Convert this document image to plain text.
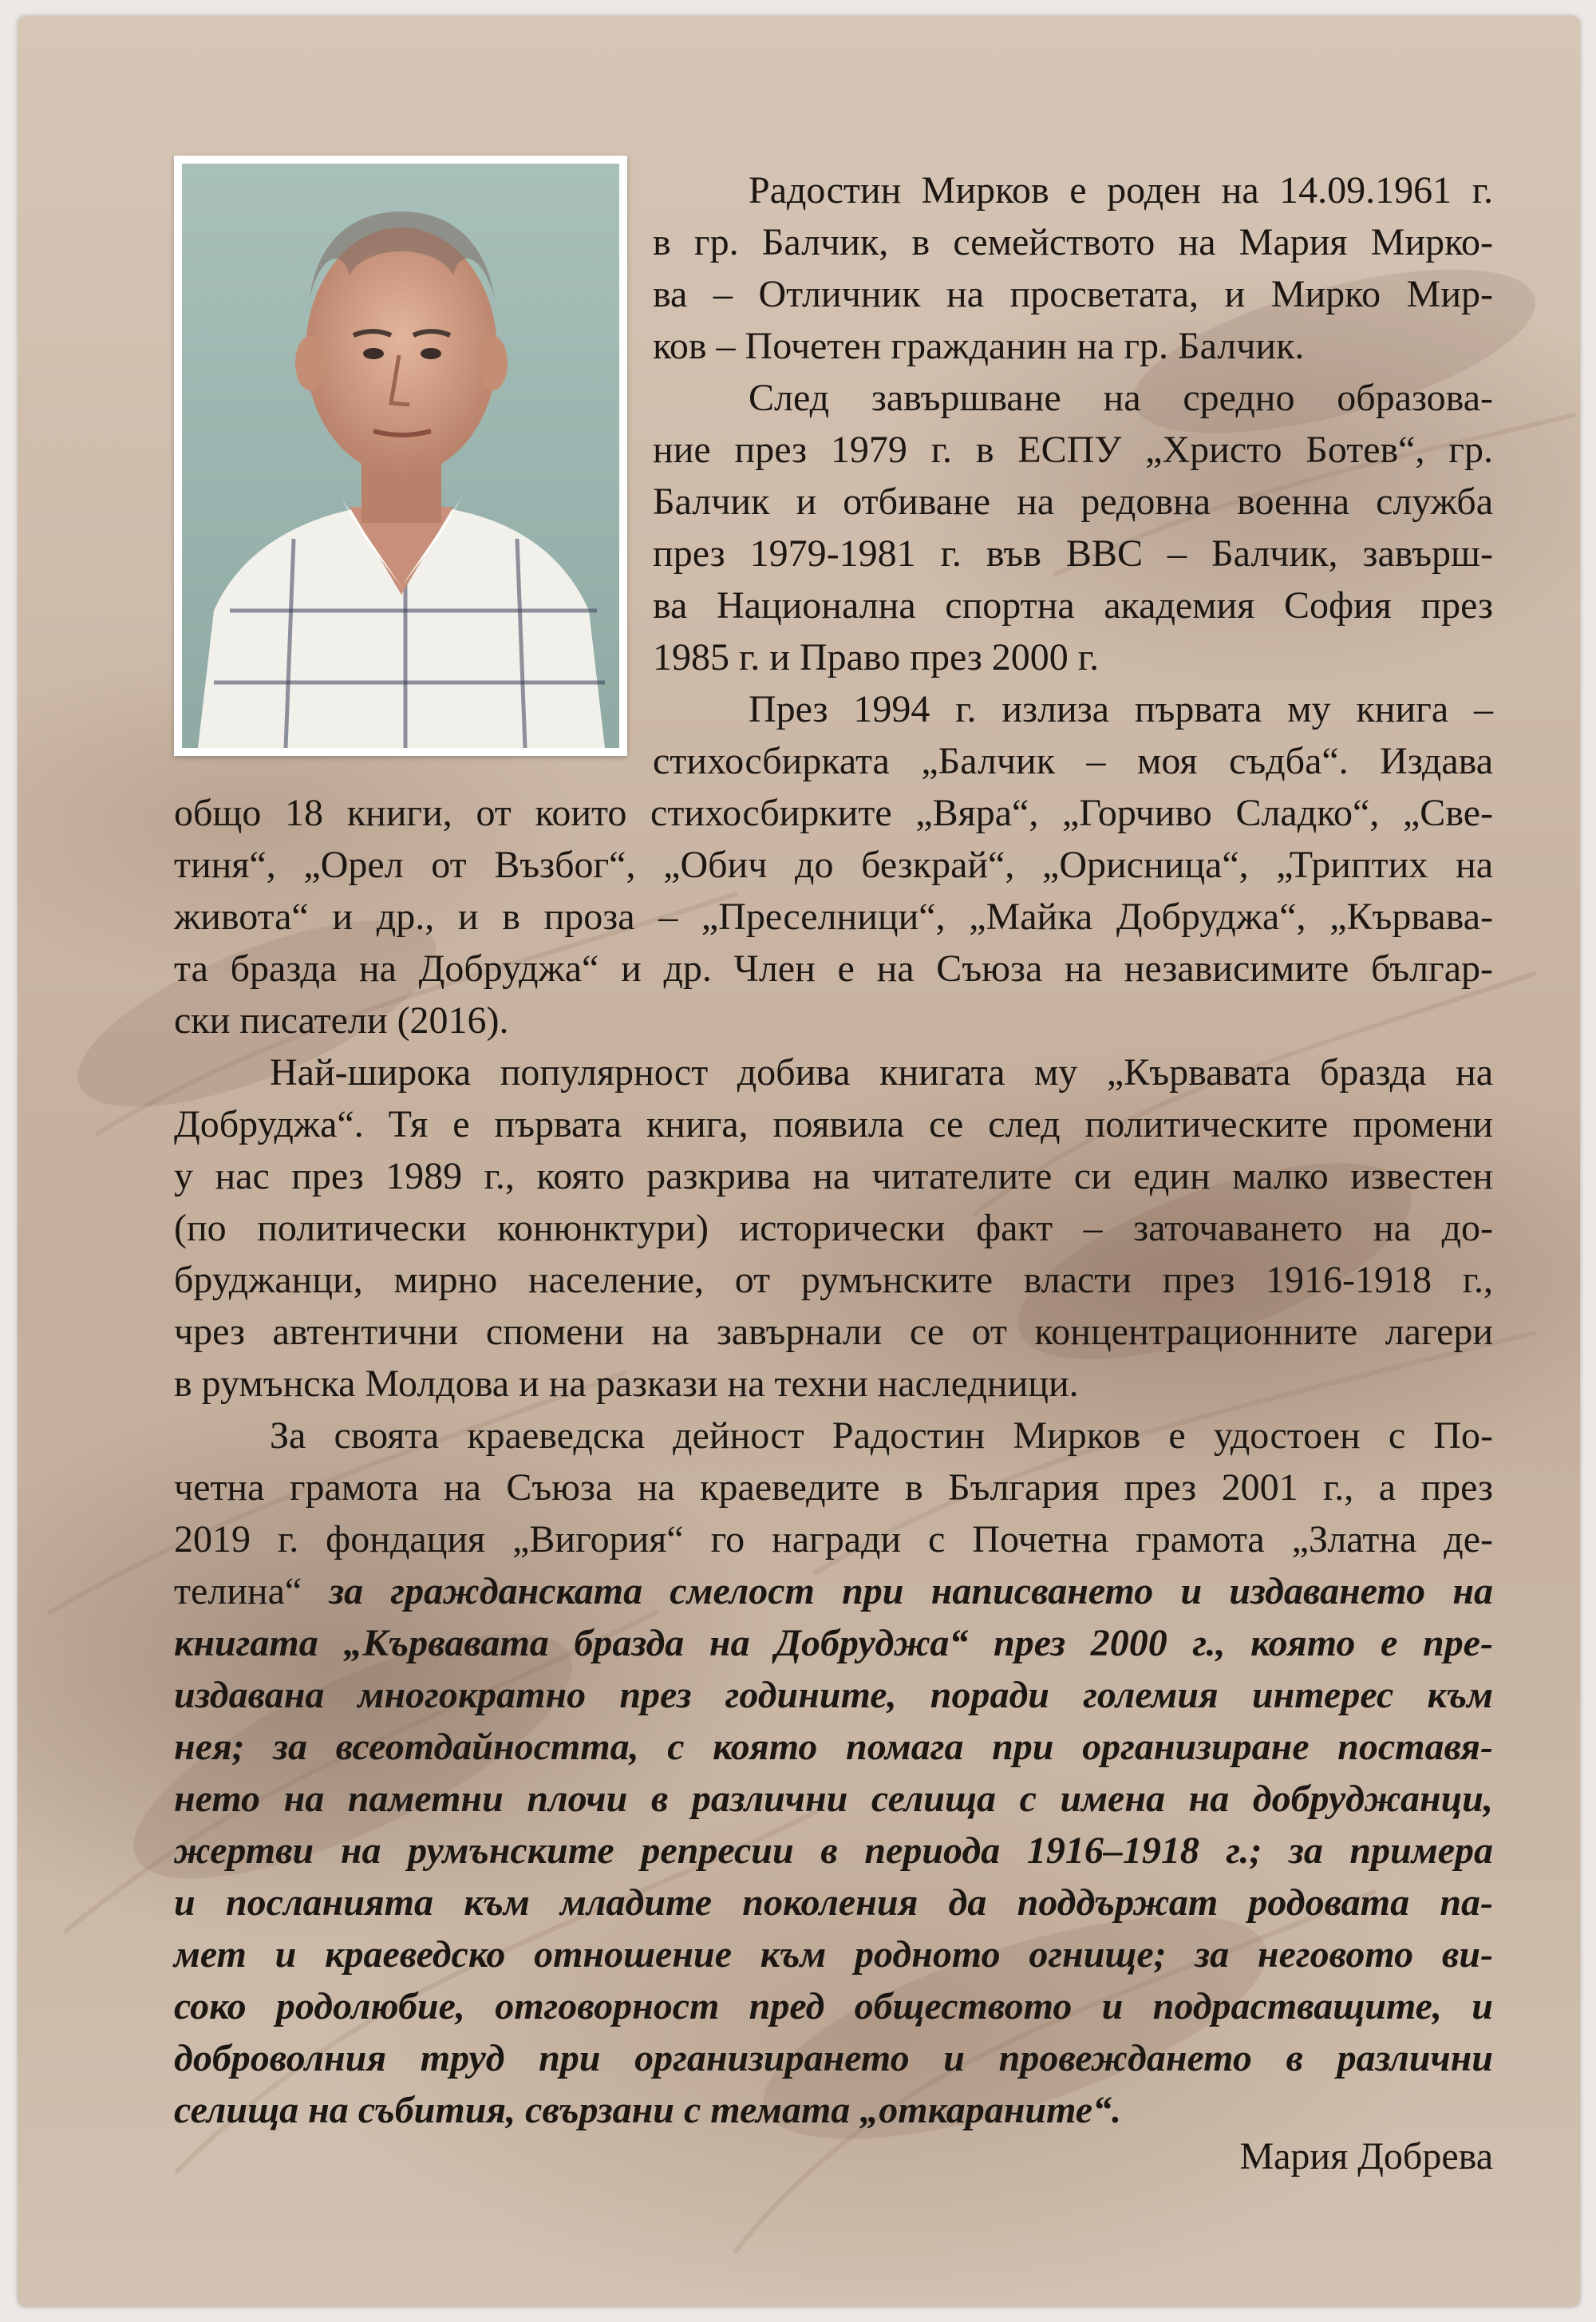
Радостин Мирков е роден на 14.09.1961 г.
в гр. Балчик, в семейството на Мария Мирко-
ва – Отличник на просветата, и Мирко Мир-
ков – Почетен гражданин на гр. Балчик.
След завършване на средно образова-
ние през 1979 г. в ЕСПУ „Христо Ботев“, гр.
Балчик и отбиване на редовна военна служба
през 1979-1981 г. във ВВС – Балчик, завърш-
ва Национална спортна академия София през
1985 г. и Право през 2000 г.
През 1994 г. излиза първата му книга –
стихосбирката „Балчик – моя съдба“. Издава
общо 18 книги, от които стихосбирките „Вяра“, „Горчиво Сладко“, „Све-
тиня“, „Орел от Възбог“, „Обич до безкрай“, „Орисница“, „Триптих на
живота“ и др., и в проза – „Преселници“, „Майка Добруджа“, „Кървава-
та бразда на Добруджа“ и др. Член е на Съюза на независимите българ-
ски писатели (2016).
Най-широка популярност добива книгата му „Кървавата бразда на
Добруджа“. Тя е първата книга, появила се след политическите промени
у нас през 1989 г., която разкрива на читателите си един малко известен
(по политически конюнктури) исторически факт – заточаването на до-
бруджанци, мирно население, от румънските власти през 1916-1918 г.,
чрез автентични спомени на завърнали се от концентрационните лагери
в румънска Молдова и на разкази на техни наследници.
За своята краеведска дейност Радостин Мирков е удостоен с По-
четна грамота на Съюза на краеведите в България през 2001 г., а през
2019 г. фондация „Вигория“ го награди с Почетна грамота „Златна де-
телина“ за гражданската смелост при написването и издаването на
книгата „Кървавата бразда на Добруджа“ през 2000 г., която е пре-
издавана многократно през годините, поради големия интерес към
нея; за всеотдайността, с която помага при организиране поставя-
нето на паметни плочи в различни селища с имена на добруджанци,
жертви на румънските репресии в периода 1916–1918 г.; за примера
и посланията към младите поколения да поддържат родовата па-
мет и краеведско отношение към родното огнище; за неговото ви-
соко родолюбие, отговорност пред обществото и подрастващите, и
доброволния труд при организирането и провеждането в различни
селища на събития, свързани с темата „откараните“.
Мария Добрева
